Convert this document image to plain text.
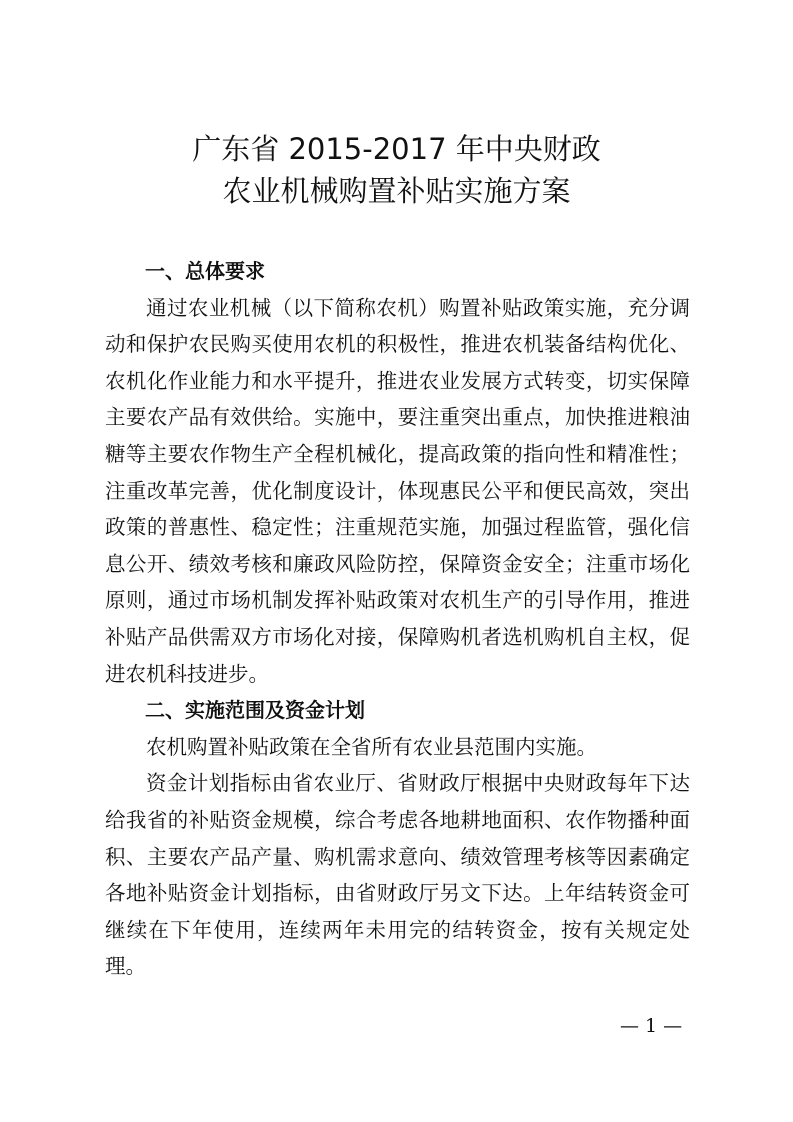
广东省 2015-2017 年中央财政
农业机械购置补贴实施方案
一、总体要求

通过农业机械（以下简称农机）购置补贴政策实施，充分调动和保护农民购买使用农机的积极性，推进农机装备结构优化、农机化作业能力和水平提升，推进农业发展方式转变，切实保障主要农产品有效供给。实施中，要注重突出重点，加快推进粮油糖等主要农作物生产全程机械化，提高政策的指向性和精准性；注重改革完善，优化制度设计，体现惠民公平和便民高效，突出政策的普惠性、稳定性；注重规范实施，加强过程监管，强化信息公开、绩效考核和廉政风险防控，保障资金安全；注重市场化原则，通过市场机制发挥补贴政策对农机生产的引导作用，推进补贴产品供需双方市场化对接，保障购机者选机购机自主权，促进农机科技进步。

二、实施范围及资金计划

农机购置补贴政策在全省所有农业县范围内实施。

资金计划指标由省农业厅、省财政厅根据中央财政每年下达给我省的补贴资金规模，综合考虑各地耕地面积、农作物播种面积、主要农产品产量、购机需求意向、绩效管理考核等因素确定各地补贴资金计划指标，由省财政厅另文下达。上年结转资金可继续在下年使用，连续两年未用完的结转资金，按有关规定处理。

— 1 —
